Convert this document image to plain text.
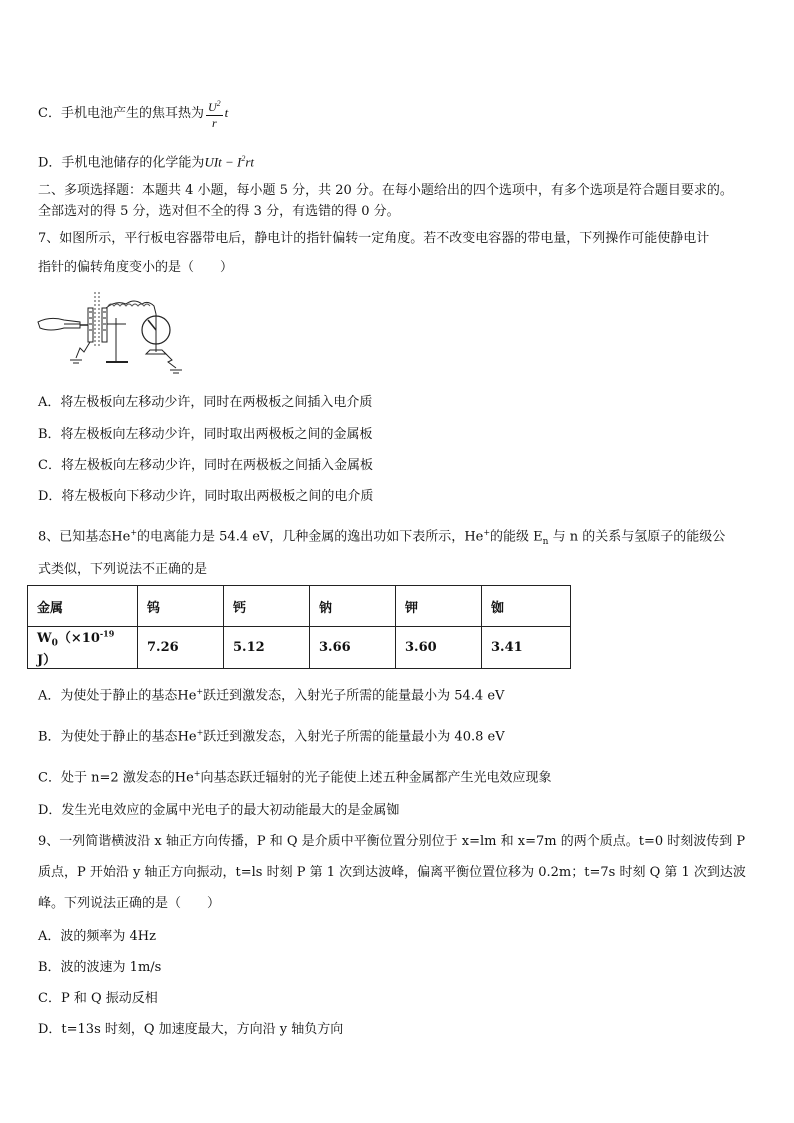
C．手机电池产生的焦耳热为 $\frac{U^2}{r}$ t
D．手机电池储存的化学能为UIt − $I^2rt$
二、多项选择题：本题共 4 小题，每小题 5 分，共 20 分。在每小题给出的四个选项中，有多个选项是符合题目要求的。
全部选对的得 5 分，选对但不全的得 3 分，有选错的得 0 分。
7、如图所示，平行板电容器带电后，静电计的指针偏转一定角度。若不改变电容器的带电量，下列操作可能使静电计
指针的偏转角度变小的是（　　）
A．将左极板向左移动少许，同时在两极板之间插入电介质
B．将左极板向左移动少许，同时取出两极板之间的金属板
C．将左极板向左移动少许，同时在两极板之间插入金属板
D．将左极板向下移动少许，同时取出两极板之间的电介质
8、已知基态He+的电离能力是 54.4 eV，几种金属的逸出功如下表所示，He+的能级 $E_n$ 与 n 的关系与氢原子的能级公
式类似，下列说法不正确的是
金属	钨	钙	钠	钾	铷
$W_0(\times 10^{-19}$ J）	7.26	5.12	3.66	3.60	3.41
A．为使处于静止的基态He+跃迁到激发态，入射光子所需的能量最小为 54.4 eV
B．为使处于静止的基态He+跃迁到激发态，入射光子所需的能量最小为 40.8 eV
C．处于 n=2 激发态的He+向基态跃迁辐射的光子能使上述五种金属都产生光电效应现象
D．发生光电效应的金属中光电子的最大初动能最大的是金属铷
9、一列简谐横波沿 x 轴正方向传播，P 和 Q 是介质中平衡位置分别位于 x=lm 和 x=7m 的两个质点。t=0 时刻波传到 P
质点，P 开始沿 y 轴正方向振动，t=ls 时刻 P 第 1 次到达波峰，偏离平衡位置位移为 0.2m；t=7s 时刻 Q 第 1 次到达波
峰。下列说法正确的是（　　）
A．波的频率为 4Hz
B．波的波速为 1m/s
C．P 和 Q 振动反相
D．t=13s 时刻，Q 加速度最大，方向沿 y 轴负方向
